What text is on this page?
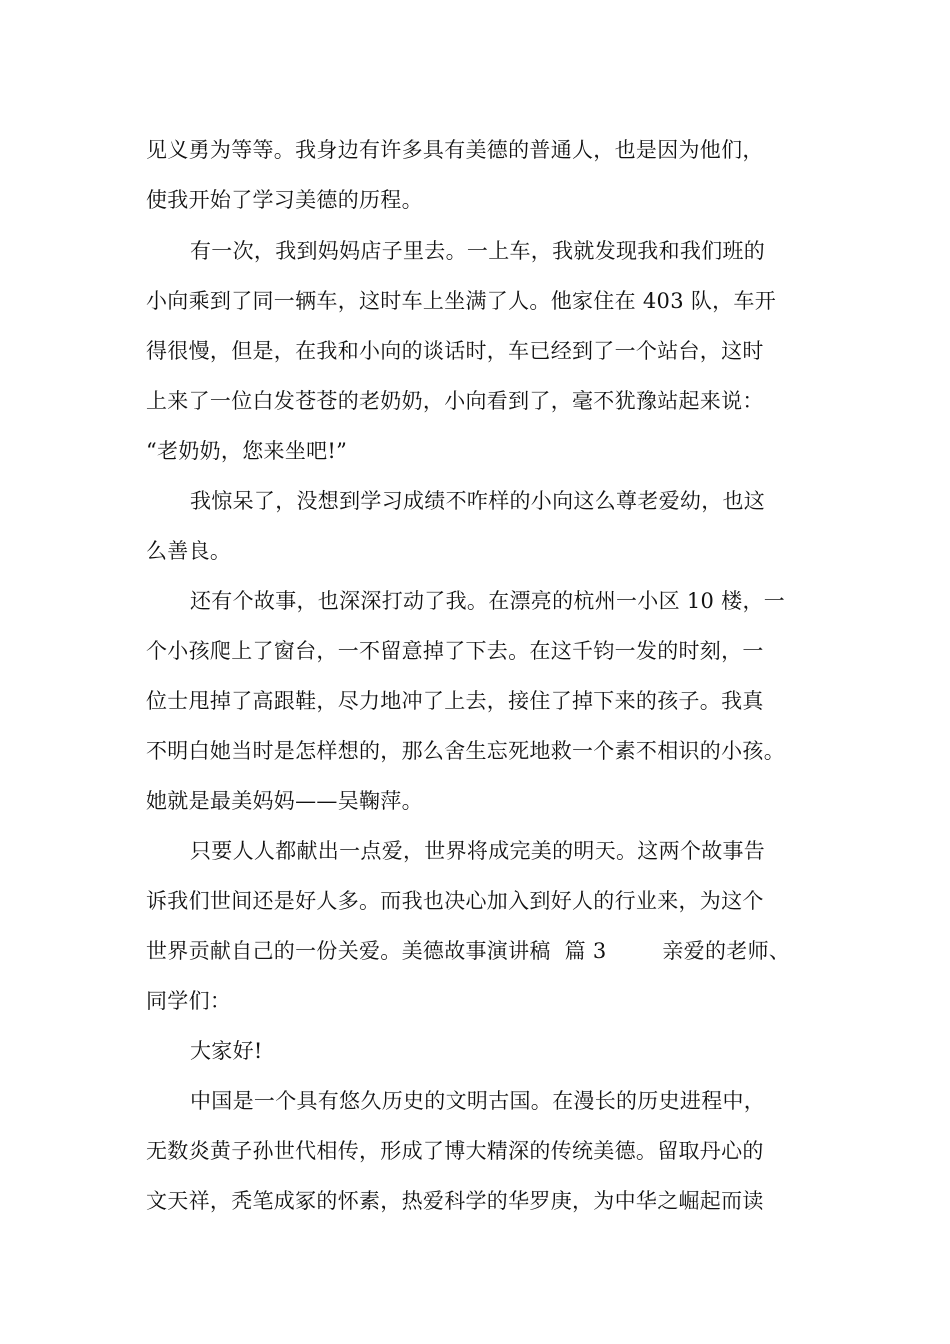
见义勇为等等。我身边有许多具有美德的普通人，也是因为他们，
使我开始了学习美德的历程。
有一次，我到妈妈店子里去。一上车，我就发现我和我们班的
小向乘到了同一辆车，这时车上坐满了人。他家住在 403 队，车开
得很慢，但是，在我和小向的谈话时，车已经到了一个站台，这时
上来了一位白发苍苍的老奶奶，小向看到了，毫不犹豫站起来说：
“老奶奶，您来坐吧!”
我惊呆了，没想到学习成绩不咋样的小向这么尊老爱幼，也这
么善良。
还有个故事，也深深打动了我。在漂亮的杭州一小区 10 楼，一
个小孩爬上了窗台，一不留意掉了下去。在这千钧一发的时刻，一
位士甩掉了高跟鞋，尽力地冲了上去，接住了掉下来的孩子。我真
不明白她当时是怎样想的，那么舍生忘死地救一个素不相识的小孩。
她就是最美妈妈——吴鞠萍。
只要人人都献出一点爱，世界将成完美的明天。这两个故事告
诉我们世间还是好人多。而我也决心加入到好人的行业来，为这个
世界贡献自己的一份关爱。美德故事演讲稿  篇 3        亲爱的老师、
同学们：
大家好!
中国是一个具有悠久历史的文明古国。在漫长的历史进程中，
无数炎黄子孙世代相传，形成了博大精深的传统美德。留取丹心的
文天祥，秃笔成冢的怀素，热爱科学的华罗庚，为中华之崛起而读
